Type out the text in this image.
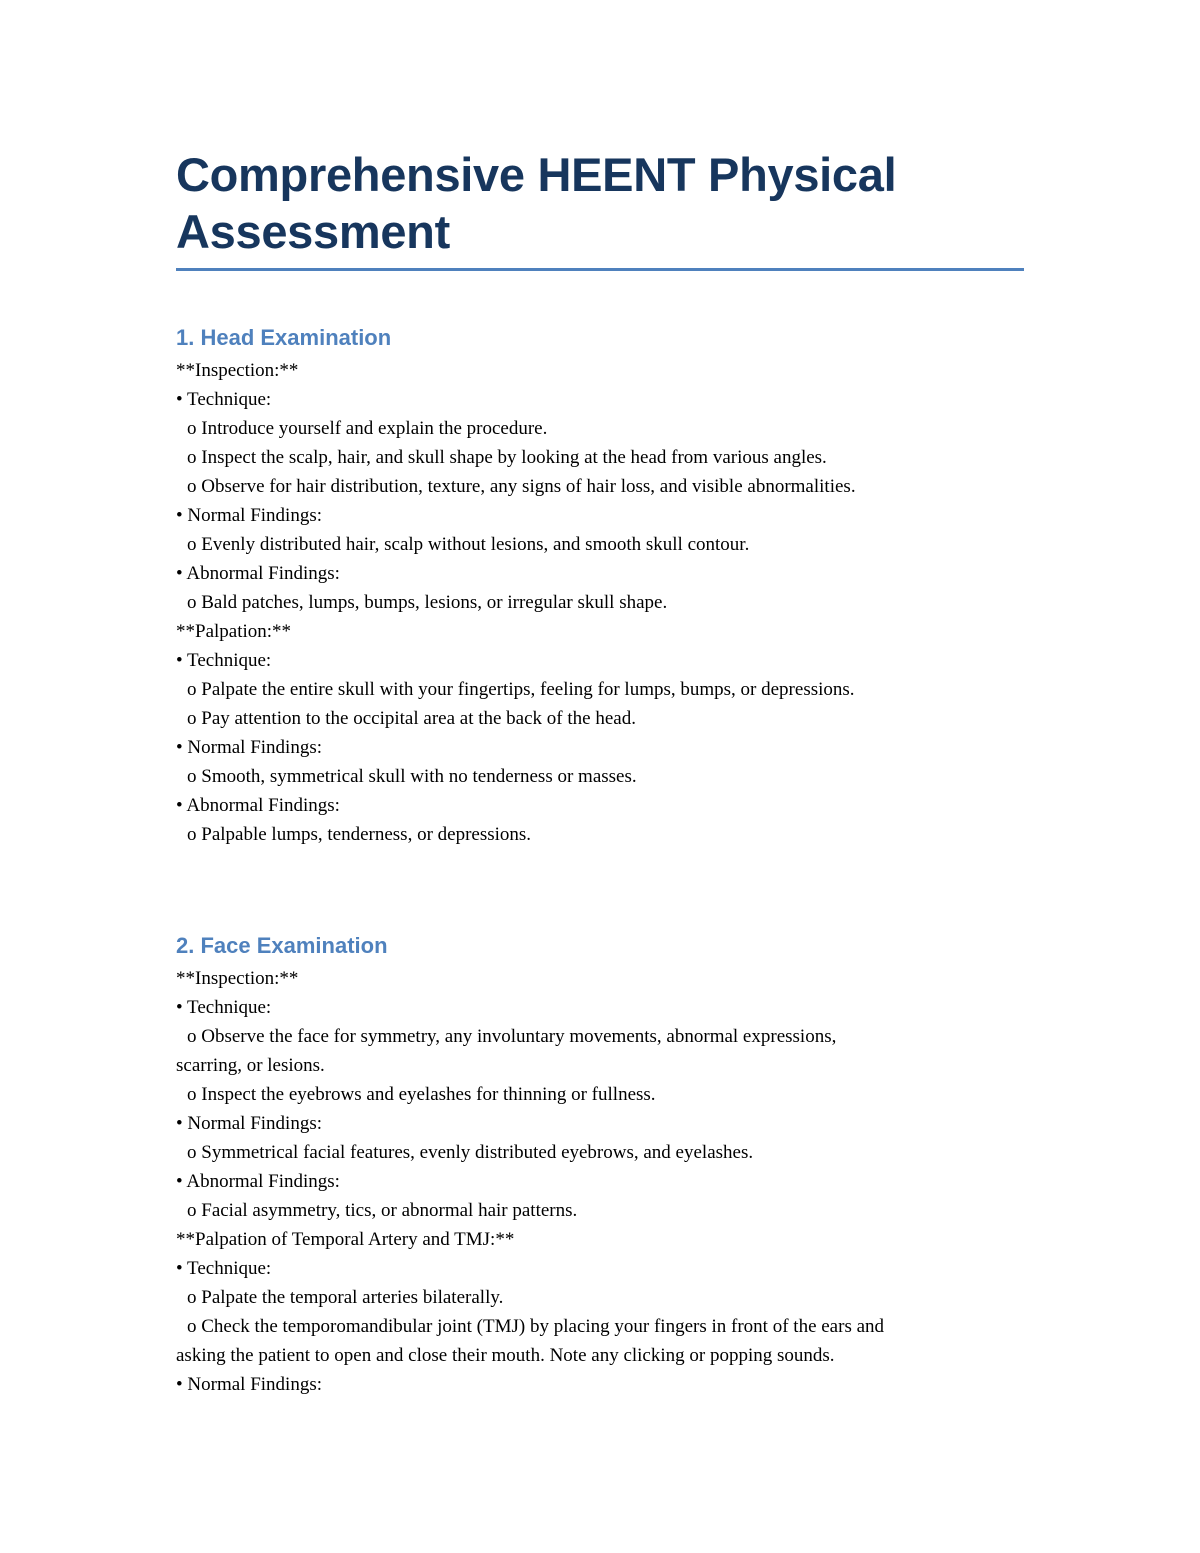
Comprehensive HEENT Physical Assessment
1. Head Examination
**Inspection:**
• Technique:
o Introduce yourself and explain the procedure.
o Inspect the scalp, hair, and skull shape by looking at the head from various angles.
o Observe for hair distribution, texture, any signs of hair loss, and visible abnormalities.
• Normal Findings:
o Evenly distributed hair, scalp without lesions, and smooth skull contour.
• Abnormal Findings:
o Bald patches, lumps, bumps, lesions, or irregular skull shape.
**Palpation:**
• Technique:
o Palpate the entire skull with your fingertips, feeling for lumps, bumps, or depressions.
o Pay attention to the occipital area at the back of the head.
• Normal Findings:
o Smooth, symmetrical skull with no tenderness or masses.
• Abnormal Findings:
o Palpable lumps, tenderness, or depressions.
2. Face Examination
**Inspection:**
• Technique:
o Observe the face for symmetry, any involuntary movements, abnormal expressions,
scarring, or lesions.
o Inspect the eyebrows and eyelashes for thinning or fullness.
• Normal Findings:
o Symmetrical facial features, evenly distributed eyebrows, and eyelashes.
• Abnormal Findings:
o Facial asymmetry, tics, or abnormal hair patterns.
**Palpation of Temporal Artery and TMJ:**
• Technique:
o Palpate the temporal arteries bilaterally.
o Check the temporomandibular joint (TMJ) by placing your fingers in front of the ears and
asking the patient to open and close their mouth. Note any clicking or popping sounds.
• Normal Findings:
